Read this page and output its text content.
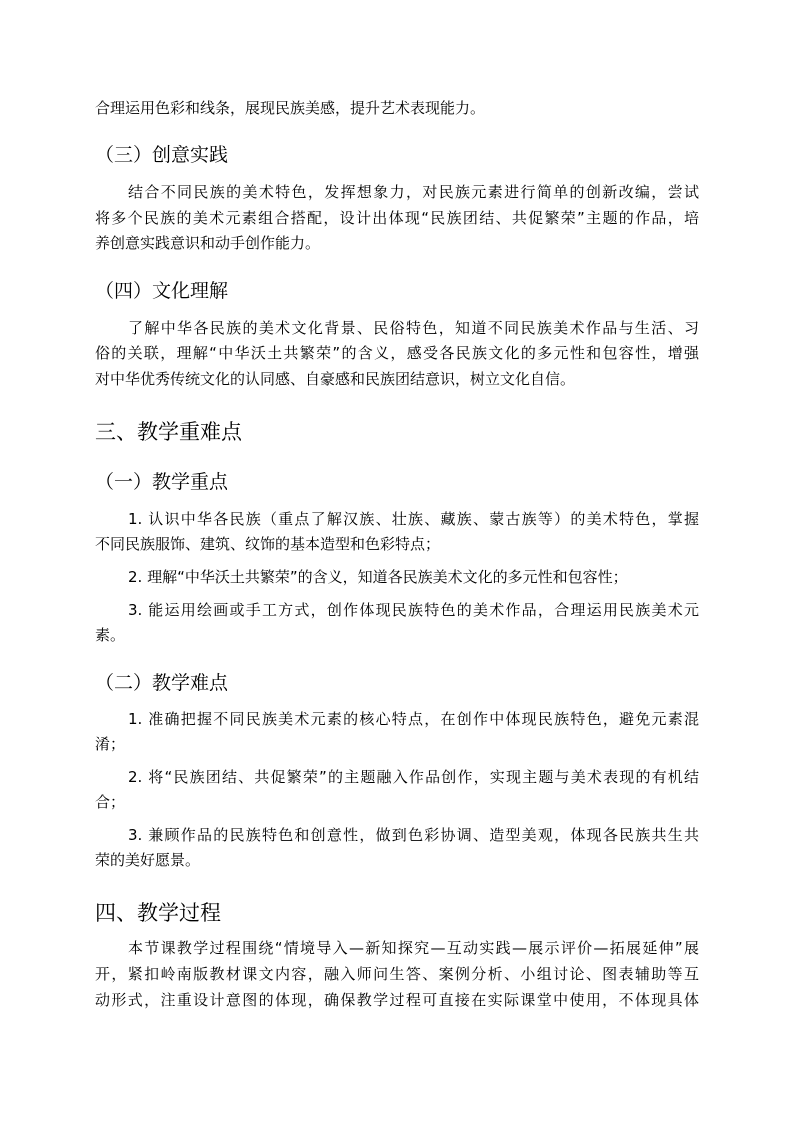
合理运用色彩和线条，展现民族美感，提升艺术表现能力。
（三）创意实践
结合不同民族的美术特色，发挥想象力，对民族元素进行简单的创新改编，尝试
将多个民族的美术元素组合搭配，设计出体现“民族团结、共促繁荣”主题的作品，培
养创意实践意识和动手创作能力。
（四）文化理解
了解中华各民族的美术文化背景、民俗特色，知道不同民族美术作品与生活、习
俗的关联，理解“中华沃土共繁荣”的含义，感受各民族文化的多元性和包容性，增强
对中华优秀传统文化的认同感、自豪感和民族团结意识，树立文化自信。
三、教学重难点
（一）教学重点
1. 认识中华各民族（重点了解汉族、壮族、藏族、蒙古族等）的美术特色，掌握
不同民族服饰、建筑、纹饰的基本造型和色彩特点；
2. 理解“中华沃土共繁荣”的含义，知道各民族美术文化的多元性和包容性；
3. 能运用绘画或手工方式，创作体现民族特色的美术作品，合理运用民族美术元
素。
（二）教学难点
1. 准确把握不同民族美术元素的核心特点，在创作中体现民族特色，避免元素混
淆；
2. 将“民族团结、共促繁荣”的主题融入作品创作，实现主题与美术表现的有机结
合；
3. 兼顾作品的民族特色和创意性，做到色彩协调、造型美观，体现各民族共生共
荣的美好愿景。
四、教学过程
本节课教学过程围绕“情境导入—新知探究—互动实践—展示评价—拓展延伸”展
开，紧扣岭南版教材课文内容，融入师问生答、案例分析、小组讨论、图表辅助等互
动形式，注重设计意图的体现，确保教学过程可直接在实际课堂中使用，不体现具体
